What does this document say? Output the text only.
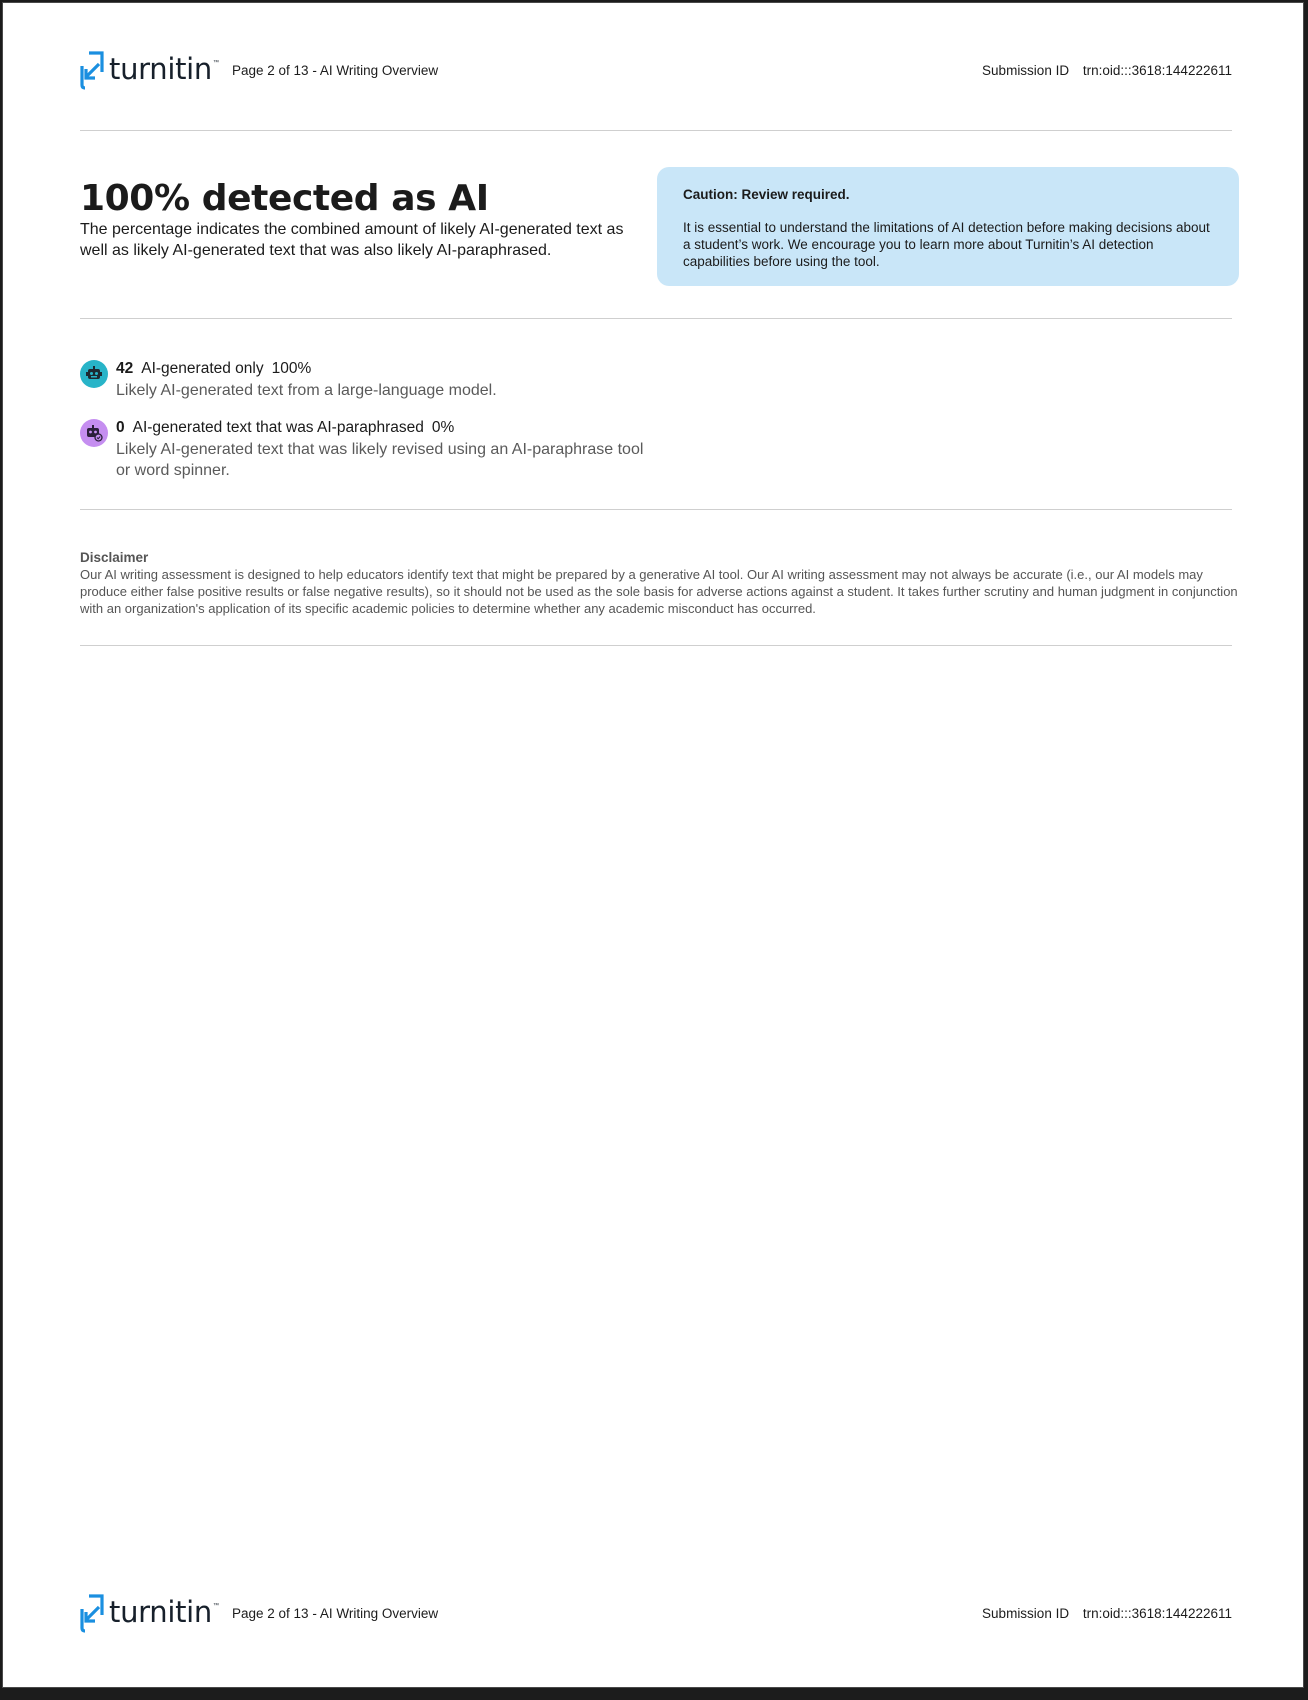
turnitin ™ Page 2 of 13 - AI Writing Overview	Submission ID trn:oid:::3618:144222611
100% detected as AI
The percentage indicates the combined amount of likely AI-generated text as well as likely AI-generated text that was also likely AI-paraphrased.
Caution: Review required.
It is essential to understand the limitations of AI detection before making decisions about a student’s work. We encourage you to learn more about Turnitin’s AI detection capabilities before using the tool.
42 AI-generated only 100%
Likely AI-generated text from a large-language model.
0 AI-generated text that was AI-paraphrased 0%
Likely AI-generated text that was likely revised using an AI-paraphrase tool or word spinner.
Disclaimer
Our AI writing assessment is designed to help educators identify text that might be prepared by a generative AI tool. Our AI writing assessment may not always be accurate (i.e., our AI models may produce either false positive results or false negative results), so it should not be used as the sole basis for adverse actions against a student. It takes further scrutiny and human judgment in conjunction with an organization's application of its specific academic policies to determine whether any academic misconduct has occurred.
turnitin ™ Page 2 of 13 - AI Writing Overview	Submission ID trn:oid:::3618:144222611
